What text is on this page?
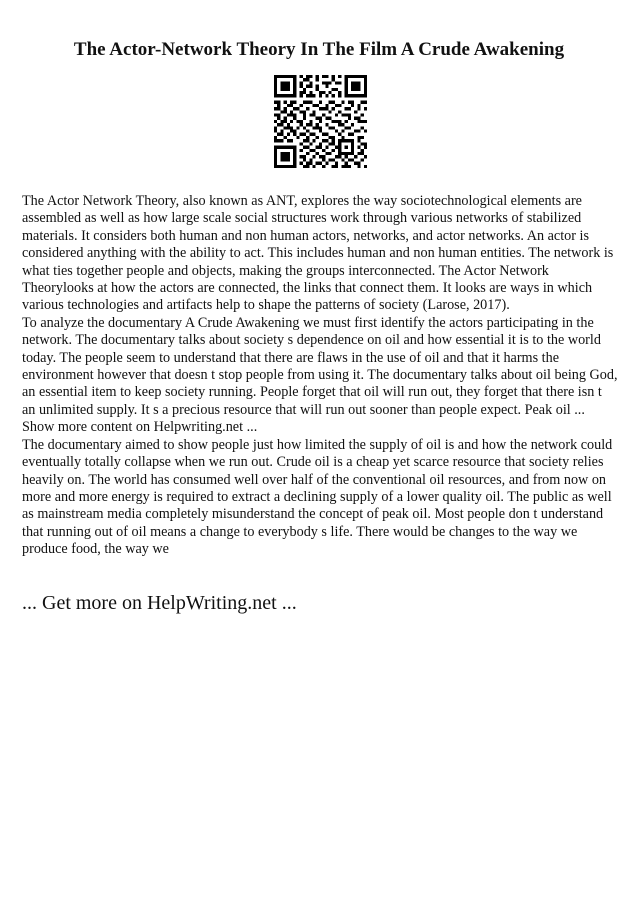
The Actor-Network Theory In The Film A Crude Awakening

The Actor Network Theory, also known as ANT, explores the way sociotechnological elements are assembled as well as how large scale social structures work through various networks of stabilized materials. It considers both human and non human actors, networks, and actor networks. An actor is considered anything with the ability to act. This includes human and non human entities. The network is what ties together people and objects, making the groups interconnected. The Actor Network Theorylooks at how the actors are connected, the links that connect them. It looks are ways in which various technologies and artifacts help to shape the patterns of society (Larose, 2017).

To analyze the documentary A Crude Awakening we must first identify the actors participating in the network. The documentary talks about society s dependence on oil and how essential it is to the world today. The people seem to understand that there are flaws in the use of oil and that it harms the environment however that doesn t stop people from using it. The documentary talks about oil being God, an essential item to keep society running. People forget that oil will run out, they forget that there isn t an unlimited supply. It s a precious resource that will run out sooner than people expect. Peak oil ... Show more content on Helpwriting.net ...

The documentary aimed to show people just how limited the supply of oil is and how the network could eventually totally collapse when we run out. Crude oil is a cheap yet scarce resource that society relies heavily on. The world has consumed well over half of the conventional oil resources, and from now on more and more energy is required to extract a declining supply of a lower quality oil. The public as well as mainstream media completely misunderstand the concept of peak oil. Most people don t understand that running out of oil means a change to everybody s life. There would be changes to the way we produce food, the way we

... Get more on HelpWriting.net ...
